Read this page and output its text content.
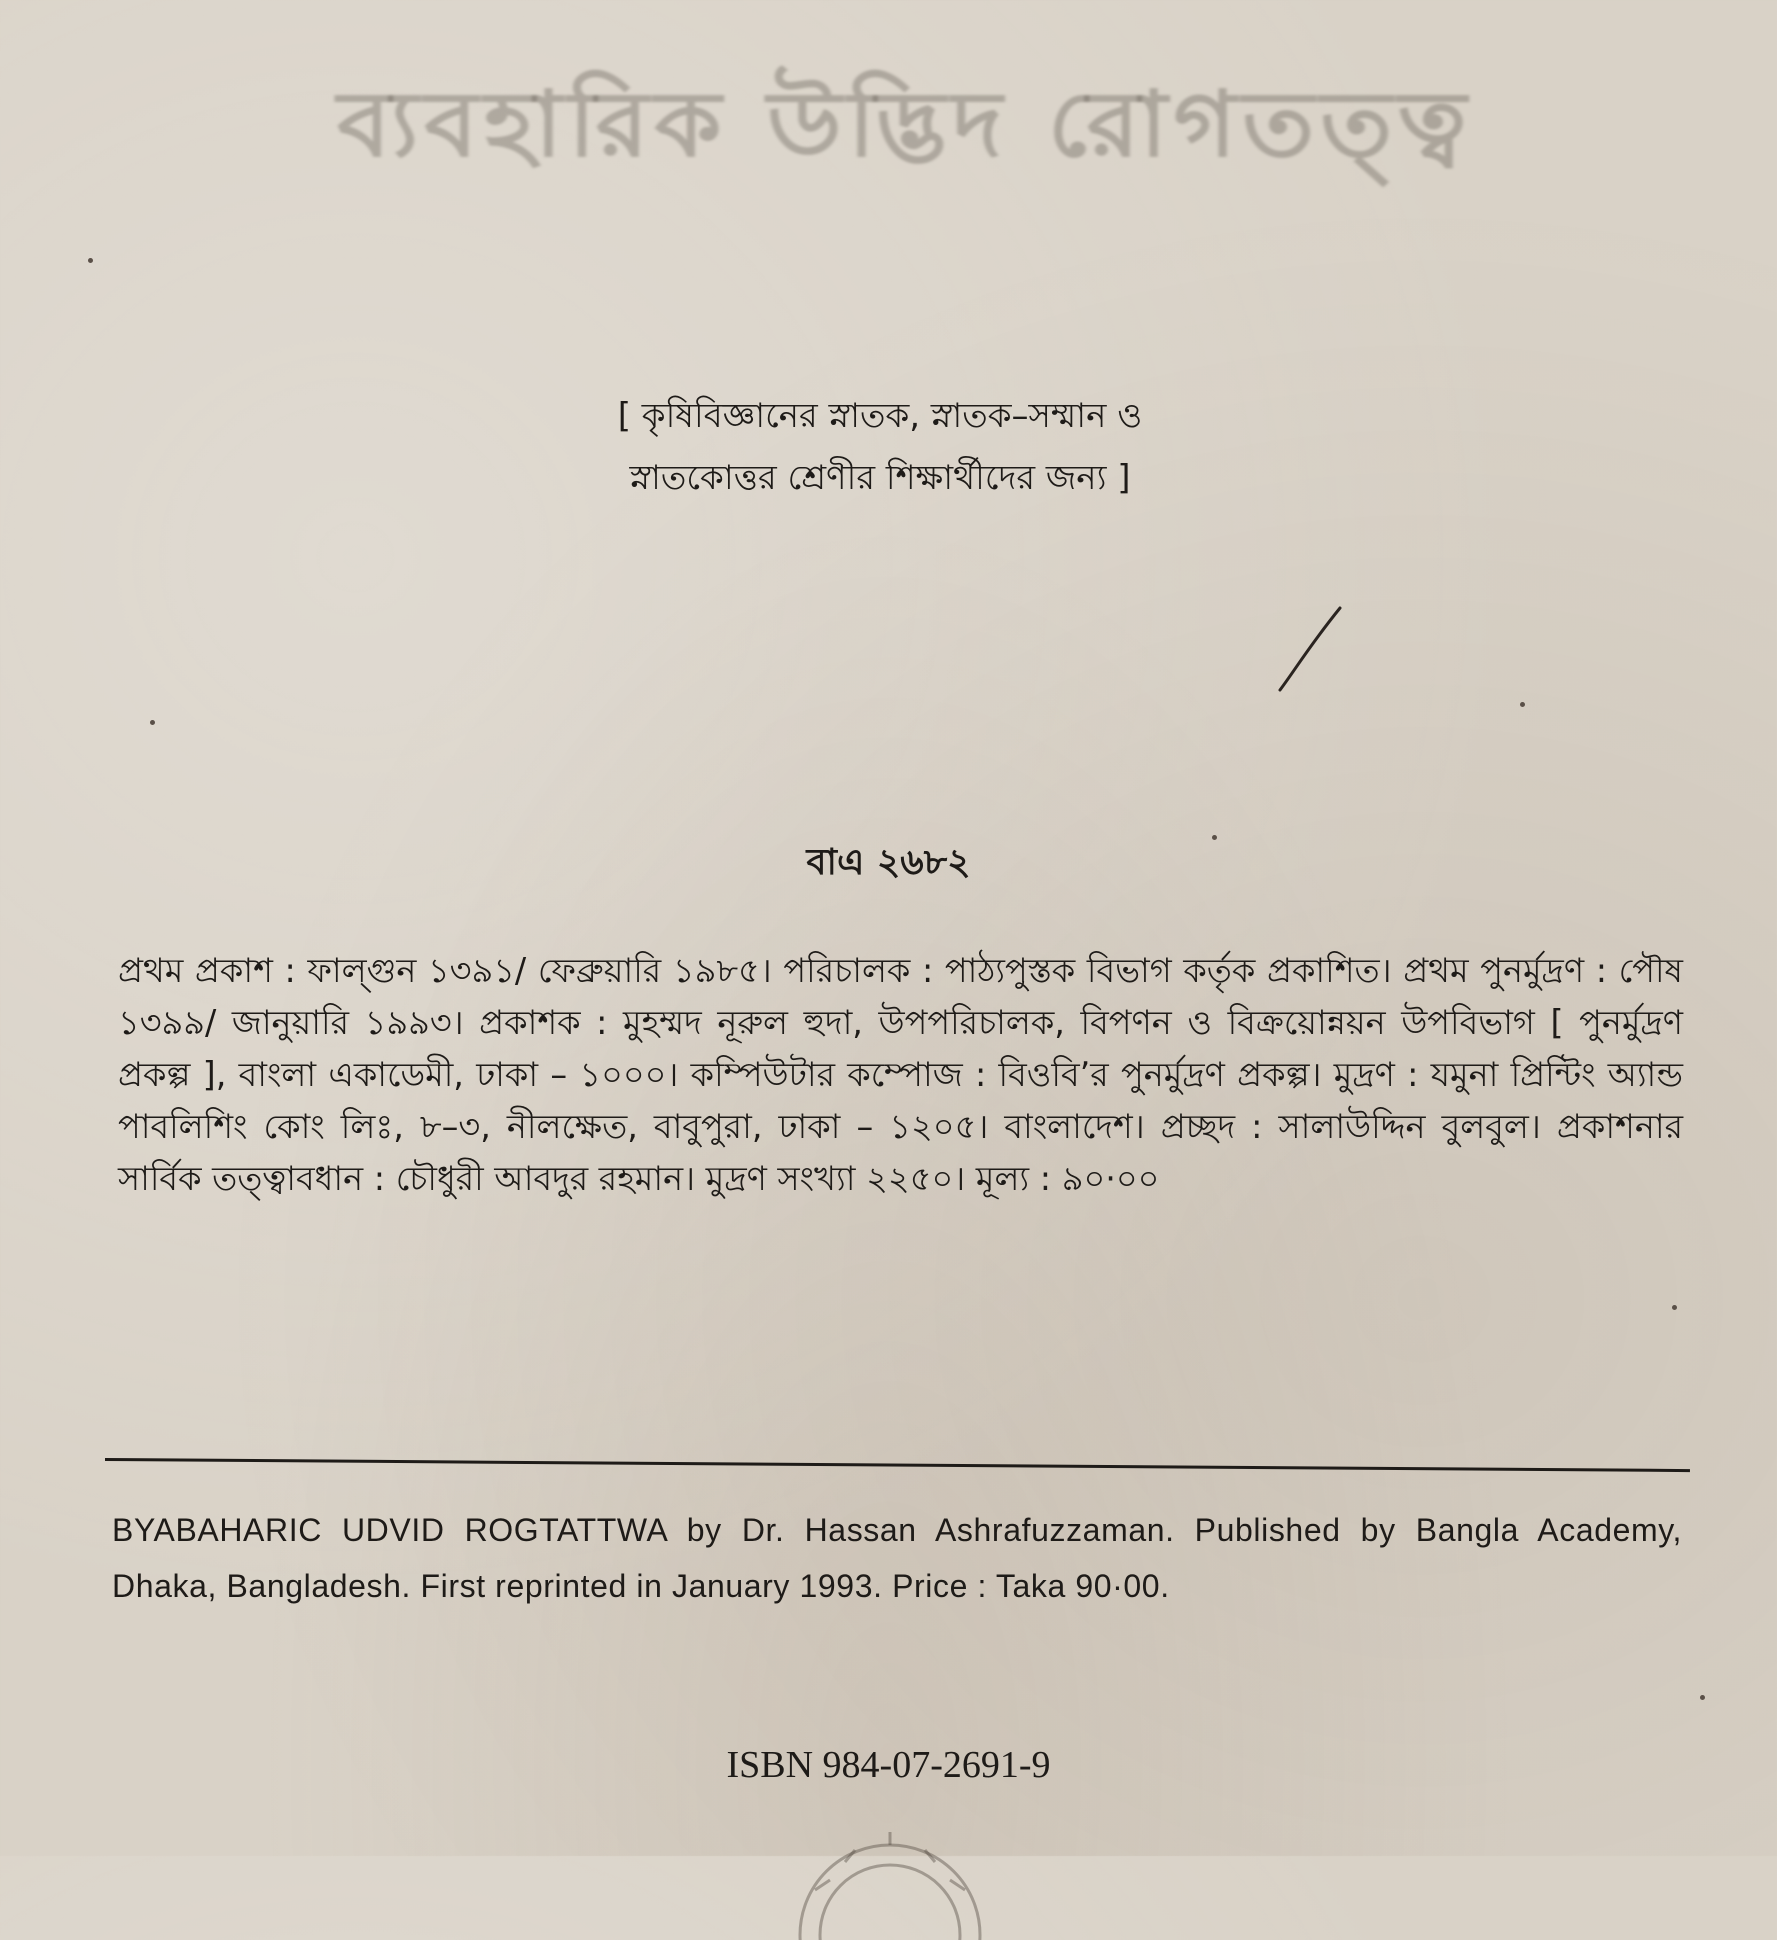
ব্যবহারিক উদ্ভিদ রোগতত্ত্ব
[ কৃষিবিজ্ঞানের স্নাতক, স্নাতক–সম্মান ও
স্নাতকোত্তর শ্রেণীর শিক্ষার্থীদের জন্য ]
বাএ ২৬৮২
প্রথম প্রকাশ : ফাল্গুন ১৩৯১/ ফেব্রুয়ারি ১৯৮৫। পরিচালক : পাঠ্যপুস্তক বিভাগ কর্তৃক প্রকাশিত। প্রথম পুনর্মুদ্রণ : পৌষ ১৩৯৯/ জানুয়ারি ১৯৯৩। প্রকাশক : মুহম্মদ নূরুল হুদা, উপপরিচালক, বিপণন ও বিক্রয়োন্নয়ন উপবিভাগ [ পুনর্মুদ্রণ প্রকল্প ], বাংলা একাডেমী, ঢাকা – ১০০০। কম্পিউটার কম্পোজ : বিওবি’র পুনর্মুদ্রণ প্রকল্প। মুদ্রণ : যমুনা প্রিন্টিং অ্যান্ড পাবলিশিং কোং লিঃ, ৮–৩, নীলক্ষেত, বাবুপুরা, ঢাকা – ১২০৫। বাংলাদেশ। প্রচ্ছদ : সালাউদ্দিন বুলবুল। প্রকাশনার সার্বিক তত্ত্বাবধান : চৌধুরী আবদুর রহমান। মুদ্রণ সংখ্যা ২২৫০। মূল্য : ৯০·০০
BYABAHARIC UDVID ROGTATTWA by Dr. Hassan Ashrafuzzaman. Published by Bangla Academy, Dhaka, Bangladesh. First reprinted in January 1993. Price : Taka 90·00.
ISBN 984-07-2691-9
